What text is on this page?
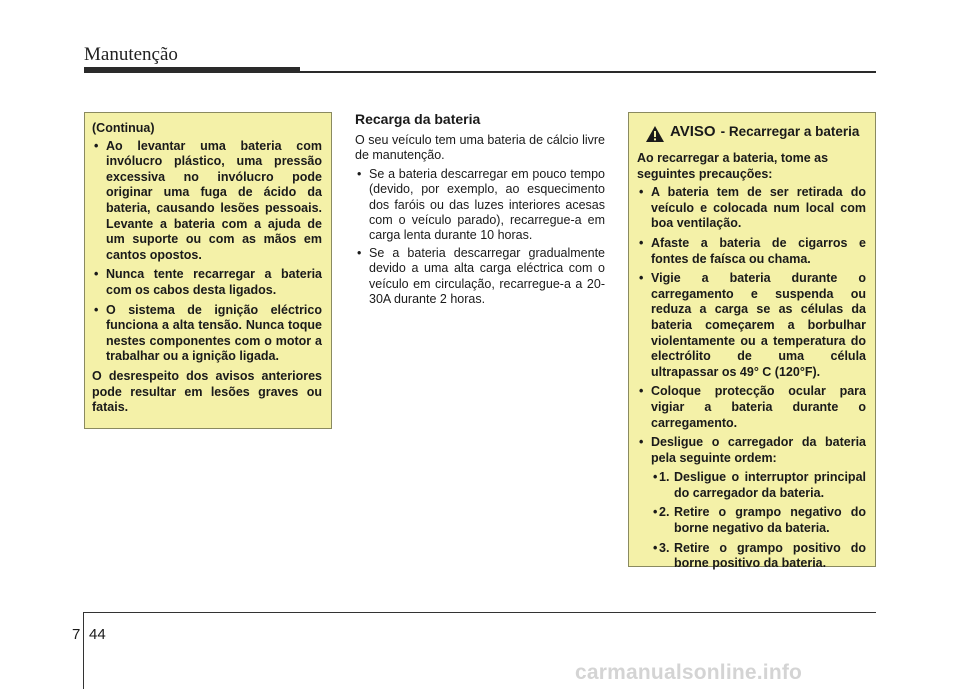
Manutenção
(Continua)
• Ao levantar uma bateria com invólucro plástico, uma pressão excessiva no invólucro pode originar uma fuga de ácido da bateria, causando lesões pessoais. Levante a bateria com a ajuda de um suporte ou com as mãos em cantos opostos.
• Nunca tente recarregar a bateria com os cabos desta ligados.
• O sistema de ignição eléctrico funciona a alta tensão. Nunca toque nestes componentes com o motor a trabalhar ou a ignição ligada.
O desrespeito dos avisos anteriores pode resultar em lesões graves ou fatais.
Recarga da bateria

O seu veículo tem uma bateria de cálcio livre de manutenção.

• Se a bateria descarregar em pouco tempo (devido, por exemplo, ao esquecimento dos faróis ou das luzes interiores acesas com o veículo parado), recarregue-a em carga lenta durante 10 horas.
• Se a bateria descarregar gradualmente devido a uma alta carga eléctrica com o veículo em circulação, recarregue-a a 20-30A durante 2 horas.
AVISO - Recarregar a bateria
Ao recarregar a bateria, tome as seguintes precauções:
• A bateria tem de ser retirada do veículo e colocada num local com boa ventilação.
• Afaste a bateria de cigarros e fontes de faísca ou chama.
• Vigie a bateria durante o carregamento e suspenda ou reduza a carga se as células da bateria começarem a borbulhar violentamente ou a temperatura do electrólito de uma célula ultrapassar os 49° C (120°F).
• Coloque protecção ocular para vigiar a bateria durante o carregamento.
• Desligue o carregador da bateria pela seguinte ordem:
• 1. Desligue o interruptor principal do carregador da bateria.
• 2. Retire o grampo negativo do borne negativo da bateria.
• 3. Retire o grampo positivo do borne positivo da bateria.
7 44
carmanualsonline.info
